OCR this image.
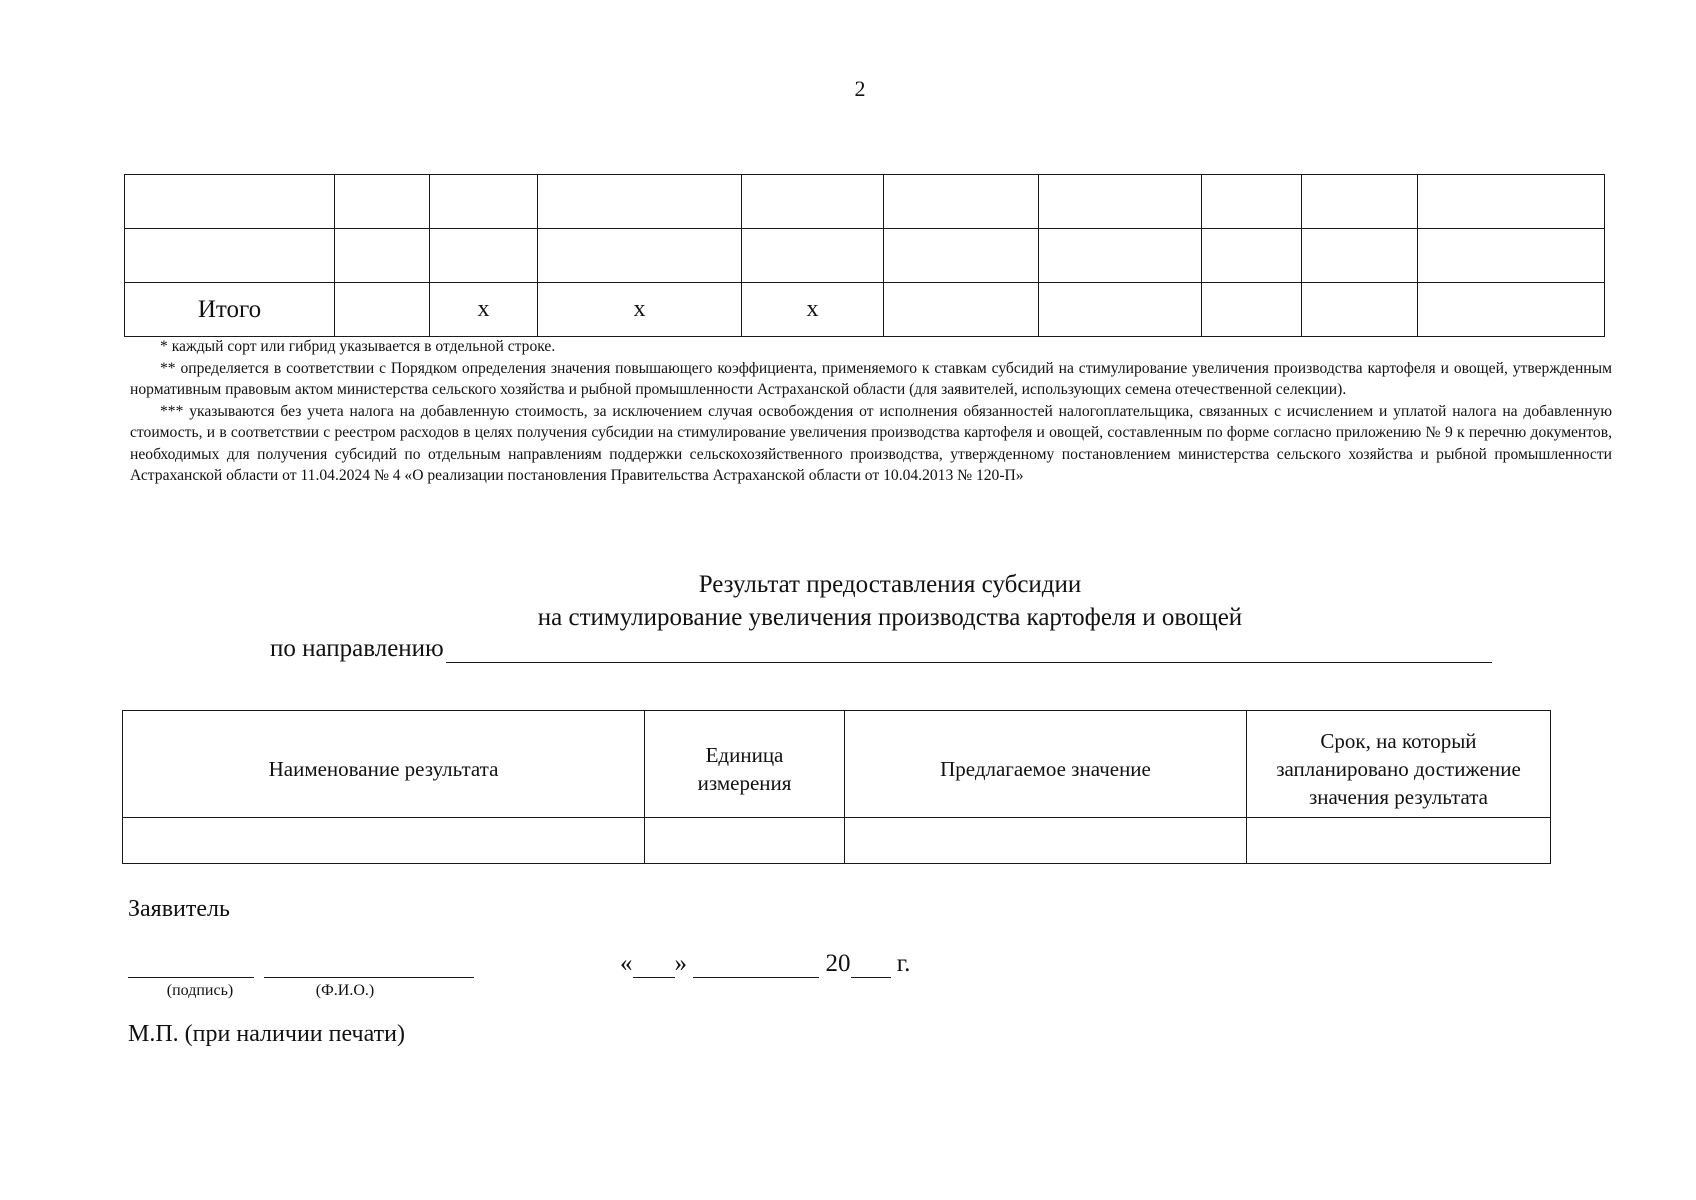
2

Итого		x	x	x					

* каждый сорт или гибрид указывается в отдельной строке.

** определяется в соответствии с Порядком определения значения повышающего коэффициента, применяемого к ставкам субсидий на стимулирование увеличения производства картофеля и овощей, утвержденным нормативным правовым актом министерства сельского хозяйства и рыбной промышленности Астраханской области (для заявителей, использующих семена отечественной селекции).

*** указываются без учета налога на добавленную стоимость, за исключением случая освобождения от исполнения обязанностей налогоплательщика, связанных с исчислением и уплатой налога на добавленную стоимость, и в соответствии с реестром расходов в целях получения субсидии на стимулирование увеличения производства картофеля и овощей, составленным по форме согласно приложению № 9 к перечню документов, необходимых для получения субсидий по отдельным направлениям поддержки сельскохозяйственного производства, утвержденному постановлением министерства сельского хозяйства и рыбной промышленности Астраханской области от 11.04.2024 № 4 «О реализации постановления Правительства Астраханской области от 10.04.2013 № 120-П»

Результат предоставления субсидии
на стимулирование увеличения производства картофеля и овощей
по направлению
Наименование результата	Единица измерения	Предлагаемое значение	Срок, на который запланировано достижение значения результата

Заявитель
(подпись)	(Ф.И.О.)
« »

	20
г.
М.П. (при наличии печати)
